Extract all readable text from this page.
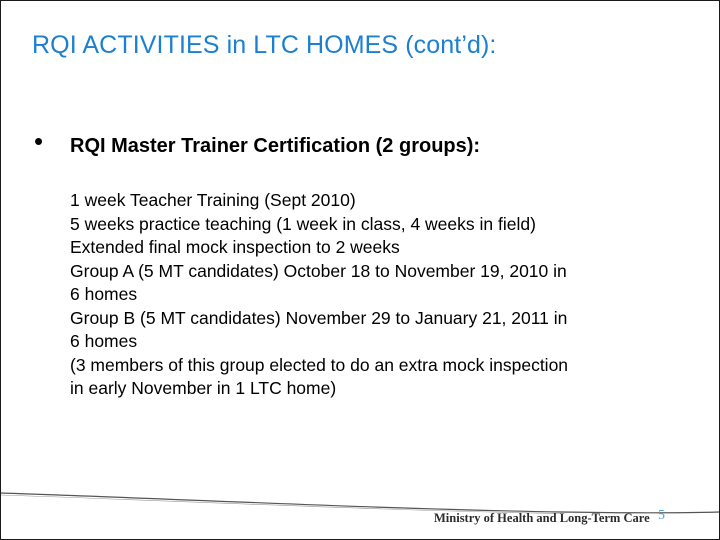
RQI ACTIVITIES in LTC HOMES (cont’d):
• RQI Master Trainer Certification (2 groups):
1 week Teacher Training (Sept 2010)
5 weeks practice teaching (1 week in class, 4 weeks in field)
Extended final mock inspection to 2 weeks
Group A (5 MT candidates) October 18 to November 19, 2010 in
6 homes
Group B (5 MT candidates) November 29 to January 21, 2011 in
6 homes
(3 members of this group elected to do an extra mock inspection
in early November in 1 LTC home)
Ministry of Health and Long-Term Care 5
